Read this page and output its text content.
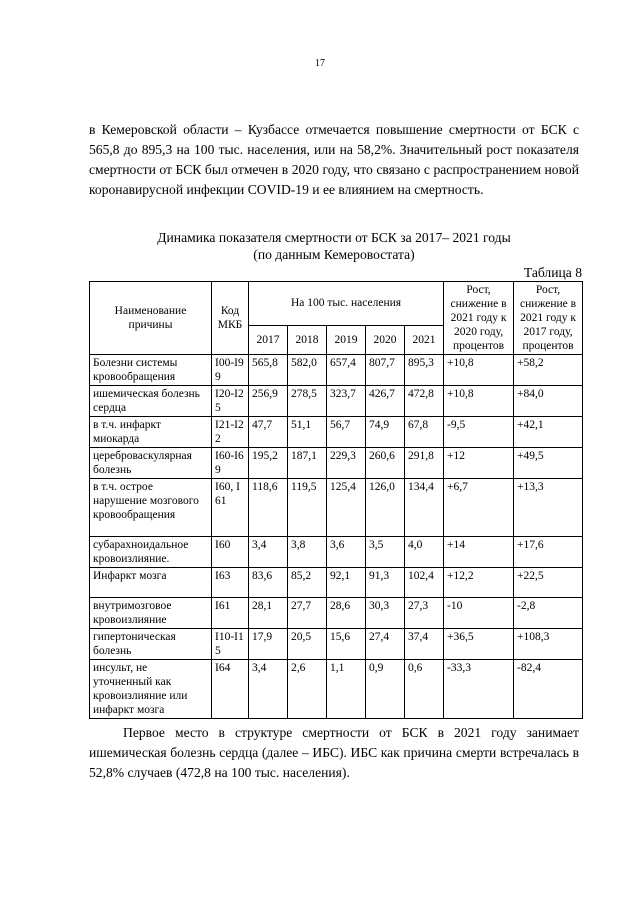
17

в Кемеровской области – Кузбассе отмечается повышение смертности от БСК с 565,8 до 895,3 на 100 тыс. населения, или на 58,2%. Значительный рост показателя смертности от БСК был отмечен в 2020 году, что связано с распространением новой коронавирусной инфекции COVID-19 и ее влиянием на смертность.

Динамика показателя смертности от БСК за 2017– 2021 годы
(по данным Кемеровостата)
Таблица 8
Наименование причины	Код МКБ	На 100 тыс. населения					Рост, снижение в 2021 году к 2020 году, процентов	Рост, снижение в 2021 году к 2017 году, процентов
		2017	2018	2019	2020	2021		
Болезни системы кровообращения	I00-I99	565,8	582,0	657,4	807,7	895,3	+10,8	+58,2
ишемическая болезнь сердца	I20-I25	256,9	278,5	323,7	426,7	472,8	+10,8	+84,0
в т.ч. инфаркт миокарда	I21-I22	47,7	51,1	56,7	74,9	67,8	-9,5	+42,1
цереброваскулярная болезнь	I60-I69	195,2	187,1	229,3	260,6	291,8	+12	+49,5
в т.ч. острое нарушение мозгового кровообращения	I60, I61	118,6	119,5	125,4	126,0	134,4	+6,7	+13,3
субарахноидальное кровоизлияние.	I60	3,4	3,8	3,6	3,5	4,0	+14	+17,6
Инфаркт мозга	I63	83,6	85,2	92,1	91,3	102,4	+12,2	+22,5
внутримозговое кровоизлияние	I61	28,1	27,7	28,6	30,3	27,3	-10	-2,8
гипертоническая болезнь	I10-I15	17,9	20,5	15,6	27,4	37,4	+36,5	+108,3
инсульт, не уточненный как кровоизлияние или инфаркт мозга	I64	3,4	2,6	1,1	0,9	0,6	-33,3	-82,4

Первое место в структуре смертности от БСК в 2021 году занимает ишемическая болезнь сердца (далее – ИБС). ИБС как причина смерти встречалась в 52,8% случаев (472,8 на 100 тыс. населения).
